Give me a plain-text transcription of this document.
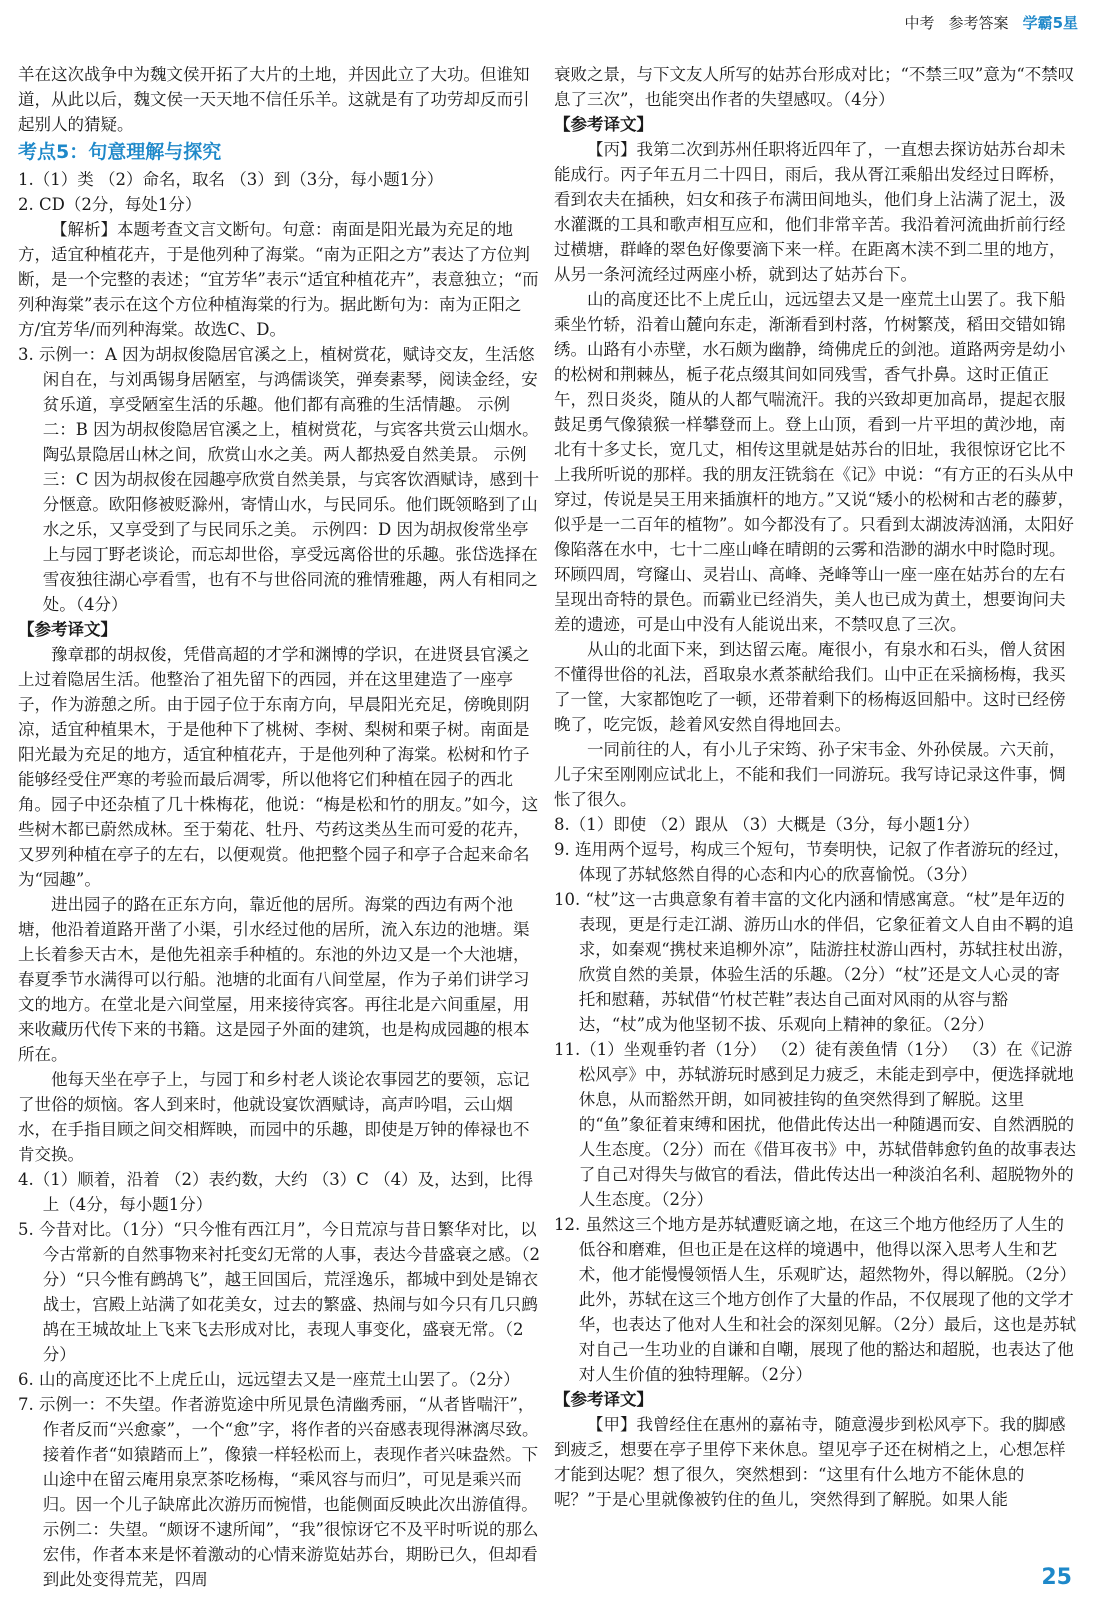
中考 参考答案 学霸5星

羊在这次战争中为魏文侯开拓了大片的土地，并因此立了大功。但谁知道，从此以后，魏文侯一天天地不信任乐羊。这就是有了功劳却反而引起别人的猜疑。

考点5：句意理解与探究

1.（1）类 （2）命名，取名 （3）到（3分，每小题1分）

2. CD（2分，每处1分）

【解析】本题考查文言文断句。句意：南面是阳光最为充足的地方，适宜种植花卉，于是他列种了海棠。“南为正阳之方”表达了方位判断，是一个完整的表述；“宜芳华”表示“适宜种植花卉”，表意独立；“而列种海棠”表示在这个方位种植海棠的行为。据此断句为：南为正阳之方/宜芳华/而列种海棠。故选C、D。

3. 示例一：A 因为胡叔俊隐居官溪之上，植树赏花，赋诗交友，生活悠闲自在，与刘禹锡身居陋室，与鸿儒谈笑，弹奏素琴，阅读金经，安贫乐道，享受陋室生活的乐趣。他们都有高雅的生活情趣。 示例二：B 因为胡叔俊隐居官溪之上，植树赏花，与宾客共赏云山烟水。陶弘景隐居山林之间，欣赏山水之美。两人都热爱自然美景。 示例三：C 因为胡叔俊在园趣亭欣赏自然美景，与宾客饮酒赋诗，感到十分惬意。欧阳修被贬滁州，寄情山水，与民同乐。他们既领略到了山水之乐，又享受到了与民同乐之美。 示例四：D 因为胡叔俊常坐亭上与园丁野老谈论，而忘却世俗，享受远离俗世的乐趣。张岱选择在雪夜独往湖心亭看雪，也有不与世俗同流的雅情雅趣，两人有相同之处。（4分）

【参考译文】

豫章郡的胡叔俊，凭借高超的才学和渊博的学识，在进贤县官溪之上过着隐居生活。他整治了祖先留下的西园，并在这里建造了一座亭子，作为游憩之所。由于园子位于东南方向，早晨阳光充足，傍晚則阴凉，适宜种植果木，于是他种下了桃树、李树、梨树和栗子树。南面是阳光最为充足的地方，适宜种植花卉，于是他列种了海棠。松树和竹子能够经受住严寒的考验而最后凋零，所以他将它们种植在园子的西北角。园子中还杂植了几十株梅花，他说：“梅是松和竹的朋友。”如今，这些树木都已蔚然成林。至于菊花、牡丹、芍药这类丛生而可爱的花卉，又罗列种植在亭子的左右，以便观赏。他把整个园子和亭子合起来命名为“园趣”。

进出园子的路在正东方向，靠近他的居所。海棠的西边有两个池塘，他沿着道路开凿了小渠，引水经过他的居所，流入东边的池塘。渠上长着参天古木，是他先祖亲手种植的。东池的外边又是一个大池塘，春夏季节水满得可以行船。池塘的北面有八间堂屋，作为子弟们讲学习文的地方。在堂北是六间堂屋，用来接待宾客。再往北是六间重屋，用来收藏历代传下来的书籍。这是园子外面的建筑，也是构成园趣的根本所在。

他每天坐在亭子上，与园丁和乡村老人谈论农事园艺的要领，忘记了世俗的烦恼。客人到来时，他就设宴饮酒赋诗，高声吟唱，云山烟水，在手指目顾之间交相辉映，而园中的乐趣，即使是万钟的俸禄也不肯交换。

4.（1）顺着，沿着 （2）表约数，大约 （3）C （4）及，达到，比得上（4分，每小题1分）

5. 今昔对比。（1分）“只今惟有西江月”，今日荒凉与昔日繁华对比，以今古常新的自然事物来衬托变幻无常的人事，表达今昔盛衰之感。（2分）“只今惟有鹧鸪飞”，越王回国后，荒淫逸乐，都城中到处是锦衣战士，宫殿上站满了如花美女，过去的繁盛、热闹与如今只有几只鹧鸪在王城故址上飞来飞去形成对比，表现人事变化，盛衰无常。（2分）

6. 山的高度还比不上虎丘山，远远望去又是一座荒土山罢了。（2分）

7. 示例一：不失望。作者游览途中所见景色清幽秀丽，“从者皆喘汗”，作者反而“兴愈豪”，一个“愈”字，将作者的兴奋感表现得淋漓尽致。接着作者“如猿踏而上”，像猿一样轻松而上，表现作者兴味盎然。下山途中在留云庵用泉烹茶吃杨梅，“乘风容与而归”，可见是乘兴而归。因一个儿子缺席此次游历而惋惜，也能侧面反映此次出游值得。 示例二：失望。“颇讶不逮所闻”，“我”很惊讶它不及平时听说的那么宏伟，作者本来是怀着激动的心情来游览姑苏台，期盼已久，但却看到此处变得荒芜，四周

衰败之景，与下文友人所写的姑苏台形成对比；“不禁三叹”意为“不禁叹息了三次”，也能突出作者的失望感叹。（4分）

【参考译文】

【丙】我第二次到苏州任职将近四年了，一直想去探访姑苏台却未能成行。丙子年五月二十四日，雨后，我从胥江乘船出发经过日晖桥，看到农夫在插秧，妇女和孩子布满田间地头，他们身上沾满了泥土，汲水灌溉的工具和歌声相互应和，他们非常辛苦。我沿着河流曲折前行经过横塘，群峰的翠色好像要滴下来一样。在距离木渎不到二里的地方，从另一条河流经过两座小桥，就到达了姑苏台下。

山的高度还比不上虎丘山，远远望去又是一座荒土山罢了。我下船乘坐竹轿，沿着山麓向东走，渐渐看到村落，竹树繁茂，稻田交错如锦绣。山路有小赤壁，水石颇为幽静，绮佛虎丘的剑池。道路两旁是幼小的松树和荆棘丛，栀子花点缀其间如同残雪，香气扑鼻。这时正值正午，烈日炎炎，随从的人都气喘流汗。我的兴致却更加高昂，提起衣服鼓足勇气像猿猴一样攀登而上。登上山顶，看到一片平坦的黄沙地，南北有十多丈长，宽几丈，相传这里就是姑苏台的旧址，我很惊讶它比不上我所听说的那样。我的朋友汪铣翁在《记》中说：“有方正的石头从中穿过，传说是吴王用来插旗杆的地方。”又说“矮小的松树和古老的藤萝，似乎是一二百年的植物”。如今都没有了。只看到太湖波涛汹涌，太阳好像陷落在水中，七十二座山峰在晴朗的云雾和浩渺的湖水中时隐时现。环顾四周，穹窿山、灵岩山、高峰、尧峰等山一座一座在姑苏台的左右呈现出奇特的景色。而霸业已经消失，美人也已成为黄土，想要询问夫差的遗迹，可是山中没有人能说出来，不禁叹息了三次。

从山的北面下来，到达留云庵。庵很小，有泉水和石头，僧人贫困不懂得世俗的礼法，舀取泉水煮茶献给我们。山中正在采摘杨梅，我买了一筐，大家都饱吃了一顿，还带着剩下的杨梅返回船中。这时已经傍晚了，吃完饭，趁着风安然自得地回去。

一同前往的人，有小儿子宋筠、孙子宋韦金、外孙侯晟。六天前，儿子宋至刚刚应试北上，不能和我们一同游玩。我写诗记录这件事，惆怅了很久。

8.（1）即使 （2）跟从 （3）大概是（3分，每小题1分）

9. 连用两个逗号，构成三个短句，节奏明快，记叙了作者游玩的经过，体现了苏轼悠然自得的心态和内心的欣喜愉悦。（3分）

10. “杖”这一古典意象有着丰富的文化内涵和情感寓意。“杖”是年迈的表现，更是行走江湖、游历山水的伴侣，它象征着文人自由不羁的追求，如秦观“携杖来追柳外凉”，陆游拄杖游山西村，苏轼拄杖出游，欣赏自然的美景，体验生活的乐趣。（2分）“杖”还是文人心灵的寄托和慰藉，苏轼借“竹杖芒鞋”表达自己面对风雨的从容与豁达，“杖”成为他坚韧不拔、乐观向上精神的象征。（2分）

11.（1）坐观垂钓者（1分） （2）徒有羡鱼情（1分） （3）在《记游松风亭》中，苏轼游玩时感到足力疲乏，未能走到亭中，便选择就地休息，从而豁然开朗，如同被挂钩的鱼突然得到了解脱。这里的“鱼”象征着束缚和困扰，他借此传达出一种随遇而安、自然洒脱的人生态度。（2分）而在《借耳夜书》中，苏轼借韩愈钓鱼的故事表达了自己对得失与做官的看法，借此传达出一种淡泊名利、超脱物外的人生态度。（2分）

12. 虽然这三个地方是苏轼遭贬谪之地，在这三个地方他经历了人生的低谷和磨难，但也正是在这样的境遇中，他得以深入思考人生和艺术，他才能慢慢领悟人生，乐观旷达，超然物外，得以解脱。（2分）此外，苏轼在这三个地方创作了大量的作品，不仅展现了他的文学才华，也表达了他对人生和社会的深刻见解。（2分）最后，这也是苏轼对自己一生功业的自谦和自嘲，展现了他的豁达和超脱，也表达了他对人生价值的独特理解。（2分）

【参考译文】

【甲】我曾经住在惠州的嘉祐寺，随意漫步到松风亭下。我的脚感到疲乏，想要在亭子里停下来休息。望见亭子还在树梢之上，心想怎样才能到达呢？想了很久，突然想到：“这里有什么地方不能休息的呢？”于是心里就像被钓住的鱼儿，突然得到了解脱。如果人能

25
